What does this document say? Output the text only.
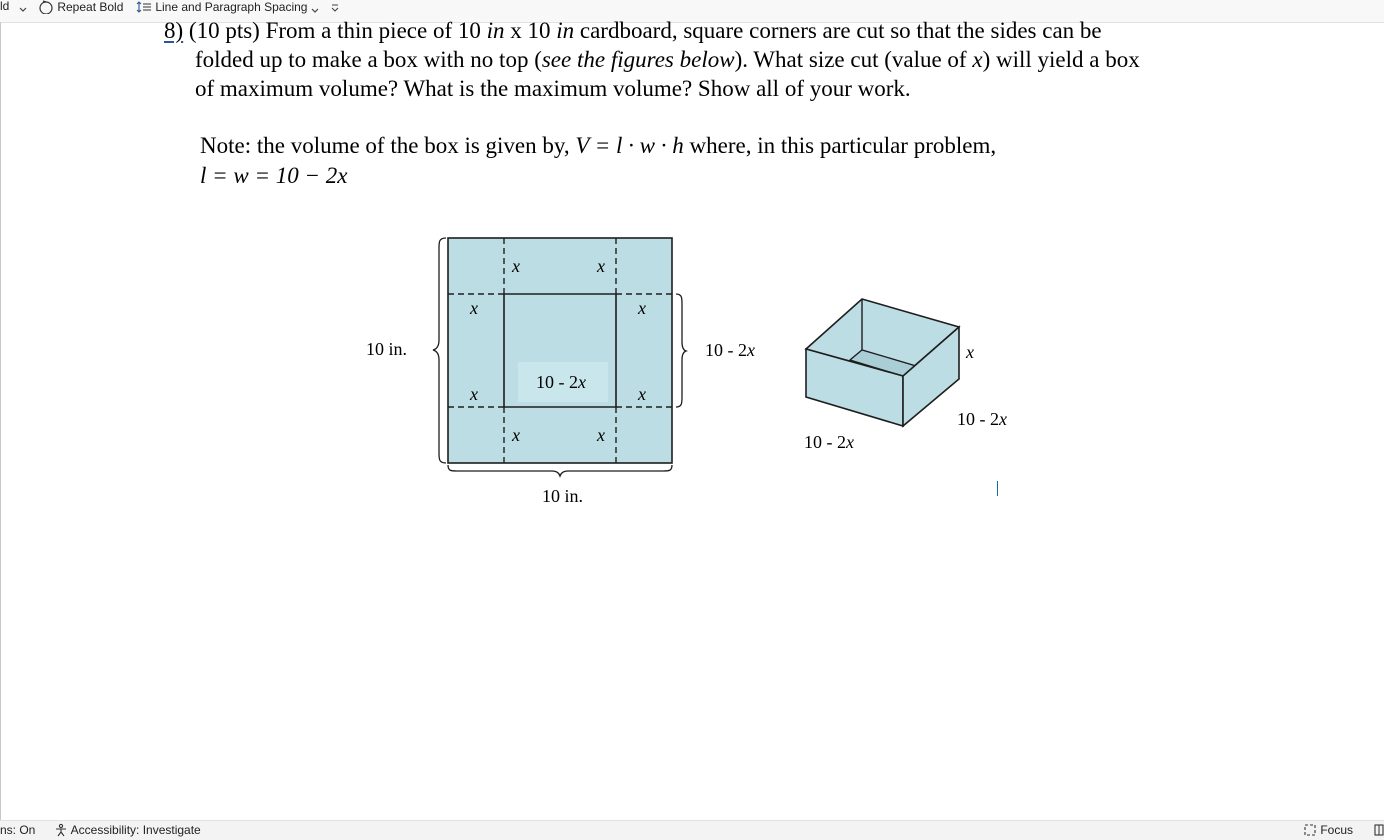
ld	Repeat Bold	Line and Paragraph Spacing
8) (10 pts) From a thin piece of 10 in x 10 in cardboard, square corners are cut so that the sides can be
folded up to make a box with no top (see the figures below). What size cut (value of x) will yield a box
of maximum volume? What is the maximum volume? Show all of your work.
Note: the volume of the box is given by, V = l · w · h where, in this particular problem,
l = w = 10 − 2x
10 in.
10 in.
10 - 2x
10 - 2x
x	x
x	x
x	x
x	x
x
10 - 2x
10 - 2x
ns: On	Accessibility: Investigate	Focus
